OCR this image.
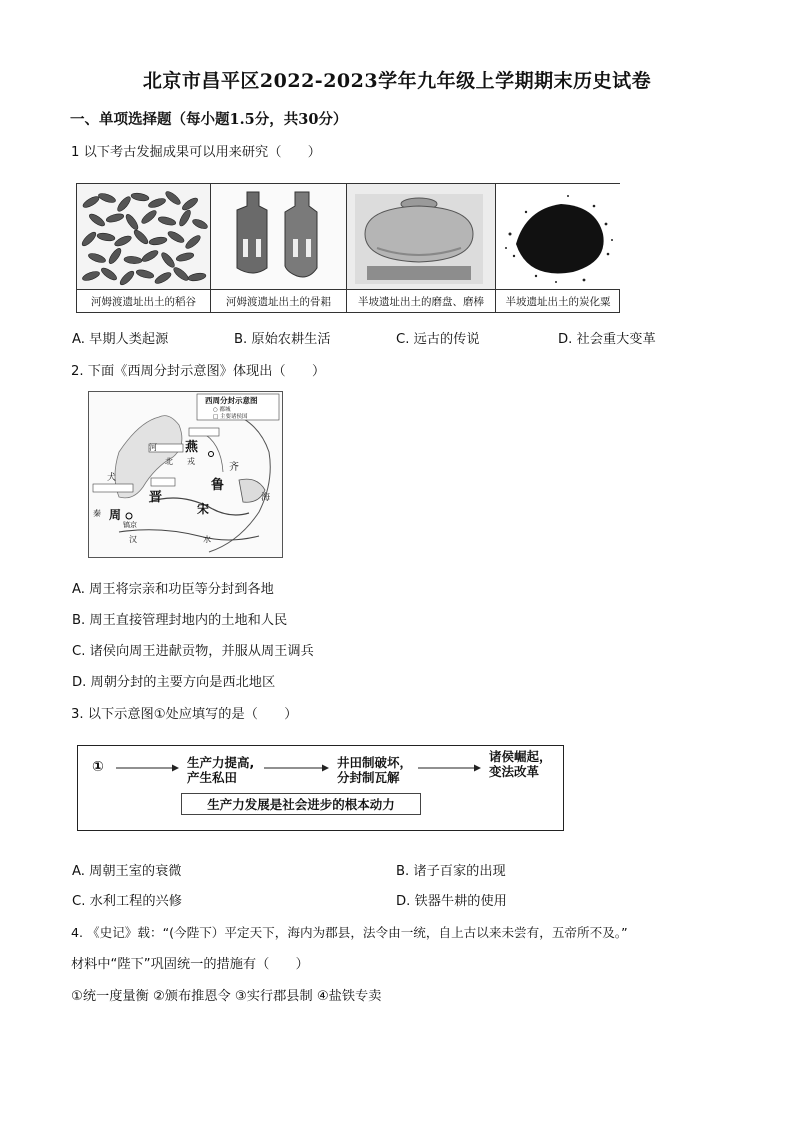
北京市昌平区2022-2023学年九年级上学期期末历史试卷
一、单项选择题（每小题1.5分，共30分）
1 以下考古发掘成果可以用来研究（　　）
河姆渡遗址出土的稻谷	河姆渡遗址出土的骨耜	半坡遗址出土的磨盘、磨棒	半坡遗址出土的炭化粟
A. 早期人类起源	B. 原始农耕生活	C. 远古的传说	D. 社会重大变革
2. 下面《西周分封示意图》体现出（　　）
西周分封示意图
○ 都城
□ 主要诸侯国
燕
晋
鲁
齐
宋
周
河
北 戎
犬
海
秦
镐京
汉	水
A. 周王将宗亲和功臣等分封到各地
B. 周王直接管理封地内的土地和人民
C. 诸侯向周王进献贡物，并服从周王调兵
D. 周朝分封的主要方向是西北地区
3. 以下示意图①处应填写的是（　　）
①	生产力提高,
产生私田
井田制破坏，
分封制瓦解
诸侯崛起，
变法改革
生产力发展是社会进步的根本动力
A. 周朝王室的衰微	B. 诸子百家的出现
C. 水利工程的兴修	D. 铁器牛耕的使用
4. 《史记》载：“(今陛下）平定天下，海内为郡县，法令由一统，自上古以来未尝有，五帝所不及。”
材料中“陛下”巩固统一的措施有（　　）
①统一度量衡 ②颁布推恩令 ③实行郡县制 ④盐铁专卖
